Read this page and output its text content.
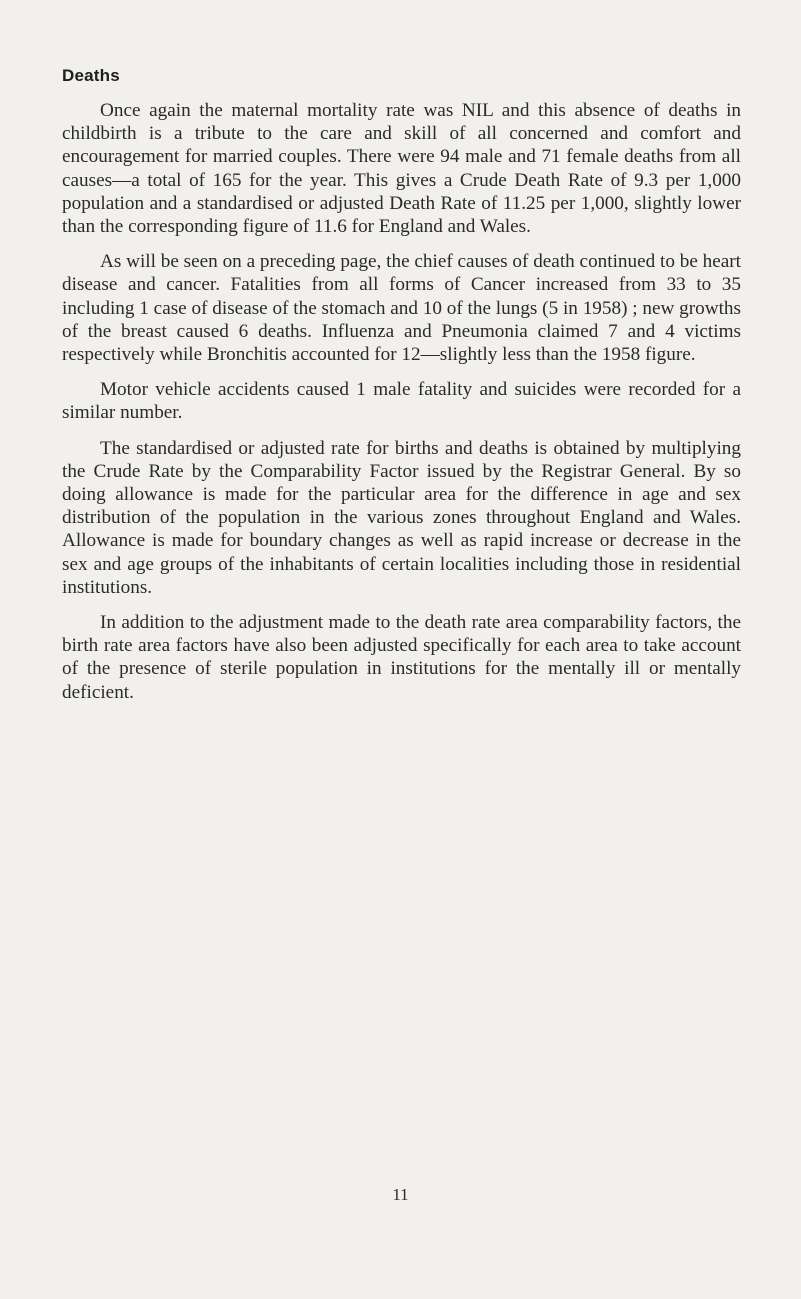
Deaths

Once again the maternal mortality rate was NIL and this absence of deaths in childbirth is a tribute to the care and skill of all concerned and comfort and encouragement for married couples. There were 94 male and 71 female deaths from all causes—a total of 165 for the year. This gives a Crude Death Rate of 9.3 per 1,000 population and a standardised or adjusted Death Rate of 11.25 per 1,000, slightly lower than the corresponding figure of 11.6 for England and Wales.

As will be seen on a preceding page, the chief causes of death continued to be heart disease and cancer. Fatalities from all forms of Cancer increased from 33 to 35 including 1 case of disease of the stomach and 10 of the lungs (5 in 1958) ; new growths of the breast caused 6 deaths. Influenza and Pneumonia claimed 7 and 4 victims respectively while Bronchitis accounted for 12—slightly less than the 1958 figure.

Motor vehicle accidents caused 1 male fatality and suicides were recorded for a similar number.

The standardised or adjusted rate for births and deaths is obtained by multiplying the Crude Rate by the Comparability Factor issued by the Registrar General. By so doing allowance is made for the particular area for the difference in age and sex distribution of the population in the various zones throughout England and Wales. Allowance is made for boundary changes as well as rapid increase or decrease in the sex and age groups of the inhabitants of certain localities including those in residential institutions.

In addition to the adjustment made to the death rate area comparability factors, the birth rate area factors have also been adjusted specifically for each area to take account of the presence of sterile population in institutions for the mentally ill or mentally deficient.

11
